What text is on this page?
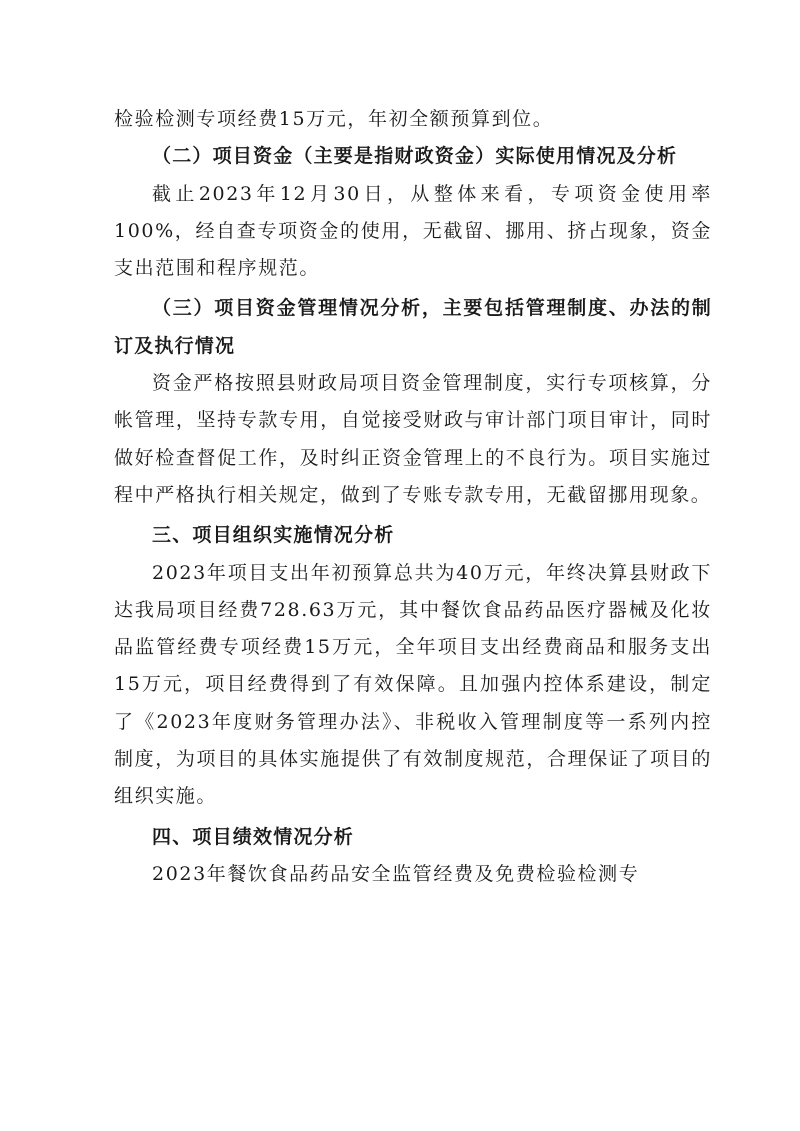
检验检测专项经费15万元，年初全额预算到位。

（二）项目资金（主要是指财政资金）实际使用情况及分析

截止2023年12月30日，从整体来看，专项资金使用率 100%，经自查专项资金的使用，无截留、挪用、挤占现象，资金支出范围和程序规范。

（三）项目资金管理情况分析，主要包括管理制度、办法的制订及执行情况

资金严格按照县财政局项目资金管理制度，实行专项核算，分帐管理，坚持专款专用，自觉接受财政与审计部门项目审计，同时做好检查督促工作，及时纠正资金管理上的不良行为。项目实施过程中严格执行相关规定，做到了专账专款专用，无截留挪用现象。

三、项目组织实施情况分析

2023年项目支出年初预算总共为40万元，年终决算县财政下达我局项目经费728.63万元，其中餐饮食品药品医疗器械及化妆品监管经费专项经费15万元，全年项目支出经费商品和服务支出15万元，项目经费得到了有效保障。且加强内控体系建设，制定了《2023年度财务管理办法》、非税收入管理制度等一系列内控制度，为项目的具体实施提供了有效制度规范，合理保证了项目的组织实施。

四、项目绩效情况分析

2023年餐饮食品药品安全监管经费及免费检验检测专
